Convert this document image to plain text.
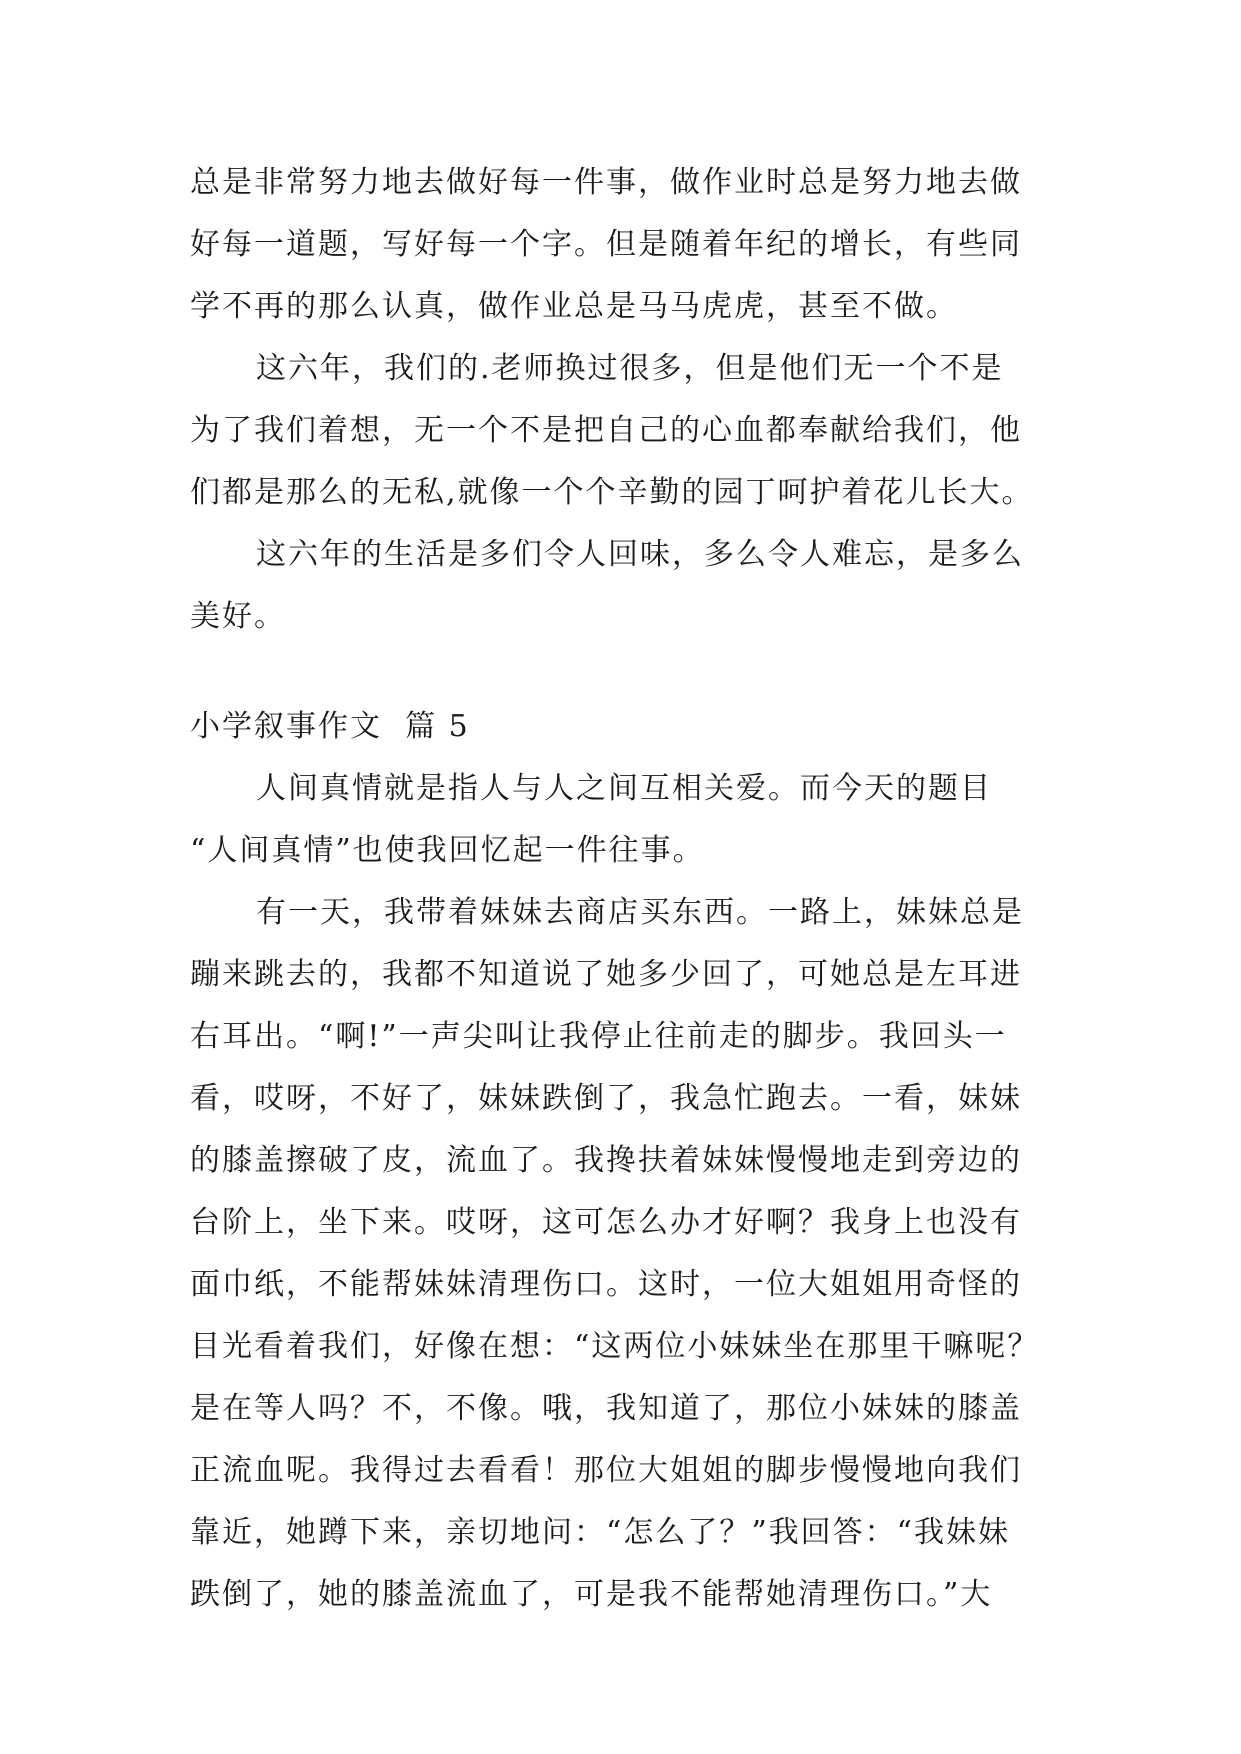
总是非常努力地去做好每一件事，做作业时总是努力地去做
好每一道题，写好每一个字。但是随着年纪的增长，有些同
学不再的那么认真，做作业总是马马虎虎，甚至不做。
这六年，我们的.老师换过很多，但是他们无一个不是
为了我们着想，无一个不是把自己的心血都奉献给我们，他
们都是那么的无私,就像一个个辛勤的园丁呵护着花儿长大。
这六年的生活是多们令人回味，多么令人难忘，是多么
美好。
小学叙事作文  篇 5
人间真情就是指人与人之间互相关爱。而今天的题目
“人间真情”也使我回忆起一件往事。
有一天，我带着妹妹去商店买东西。一路上，妹妹总是
蹦来跳去的，我都不知道说了她多少回了，可她总是左耳进
右耳出。“啊!”一声尖叫让我停止往前走的脚步。我回头一
看，哎呀，不好了，妹妹跌倒了，我急忙跑去。一看，妹妹
的膝盖擦破了皮，流血了。我搀扶着妹妹慢慢地走到旁边的
台阶上，坐下来。哎呀，这可怎么办才好啊？我身上也没有
面巾纸，不能帮妹妹清理伤口。这时，一位大姐姐用奇怪的
目光看着我们，好像在想：“这两位小妹妹坐在那里干嘛呢？
是在等人吗？不，不像。哦，我知道了，那位小妹妹的膝盖
正流血呢。我得过去看看！那位大姐姐的脚步慢慢地向我们
靠近，她蹲下来，亲切地问：“怎么了？”我回答：“我妹妹
跌倒了，她的膝盖流血了，可是我不能帮她清理伤口。”大
